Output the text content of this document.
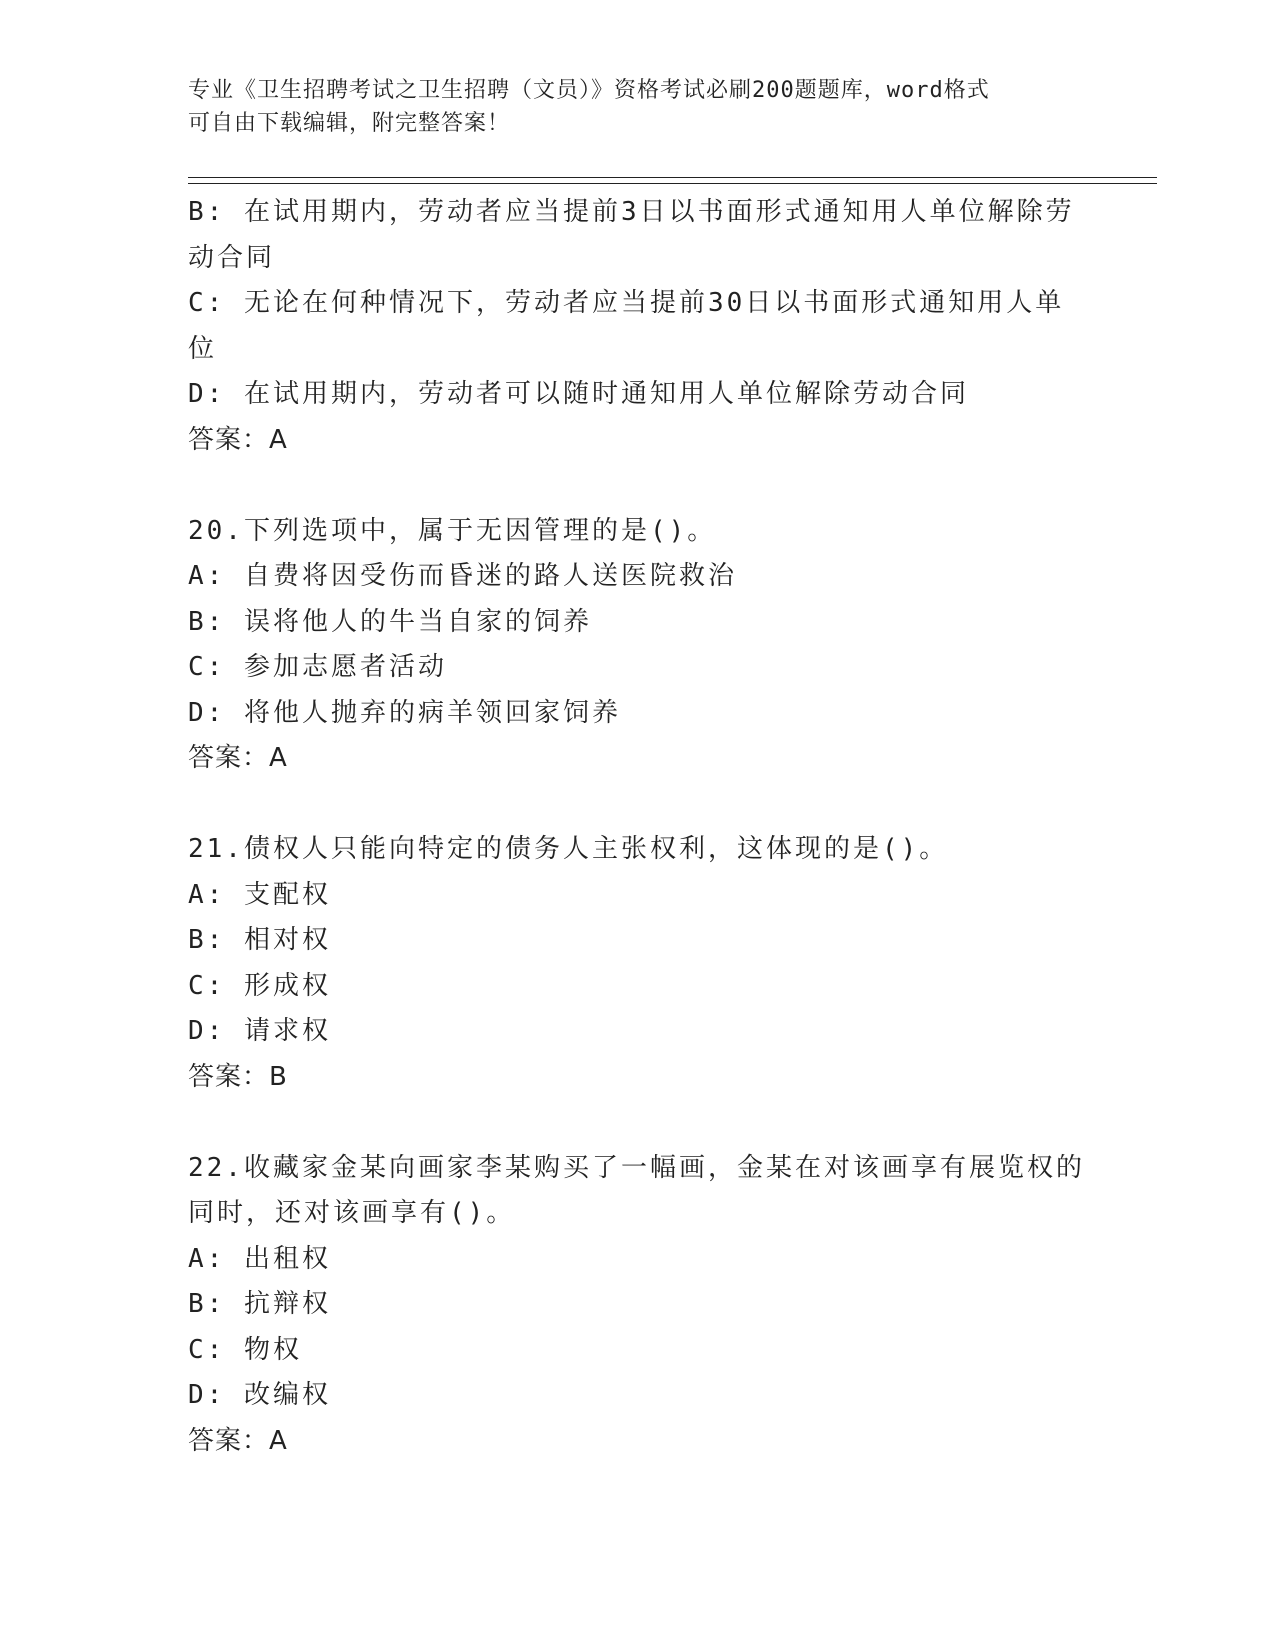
专业《卫生招聘考试之卫生招聘（文员）》资格考试必刷200题题库，word格式
可自由下载编辑，附完整答案！
B: 在试用期内，劳动者应当提前3日以书面形式通知用人单位解除劳
动合同
C: 无论在何种情况下，劳动者应当提前30日以书面形式通知用人单
位
D: 在试用期内，劳动者可以随时通知用人单位解除劳动合同
答案：A
20.下列选项中，属于无因管理的是()。
A: 自费将因受伤而昏迷的路人送医院救治
B: 误将他人的牛当自家的饲养
C: 参加志愿者活动
D: 将他人抛弃的病羊领回家饲养
答案：A
21.债权人只能向特定的债务人主张权利，这体现的是()。
A: 支配权
B: 相对权
C: 形成权
D: 请求权
答案：B
22.收藏家金某向画家李某购买了一幅画，金某在对该画享有展览权的
同时，还对该画享有()。
A: 出租权
B: 抗辩权
C: 物权
D: 改编权
答案：A
